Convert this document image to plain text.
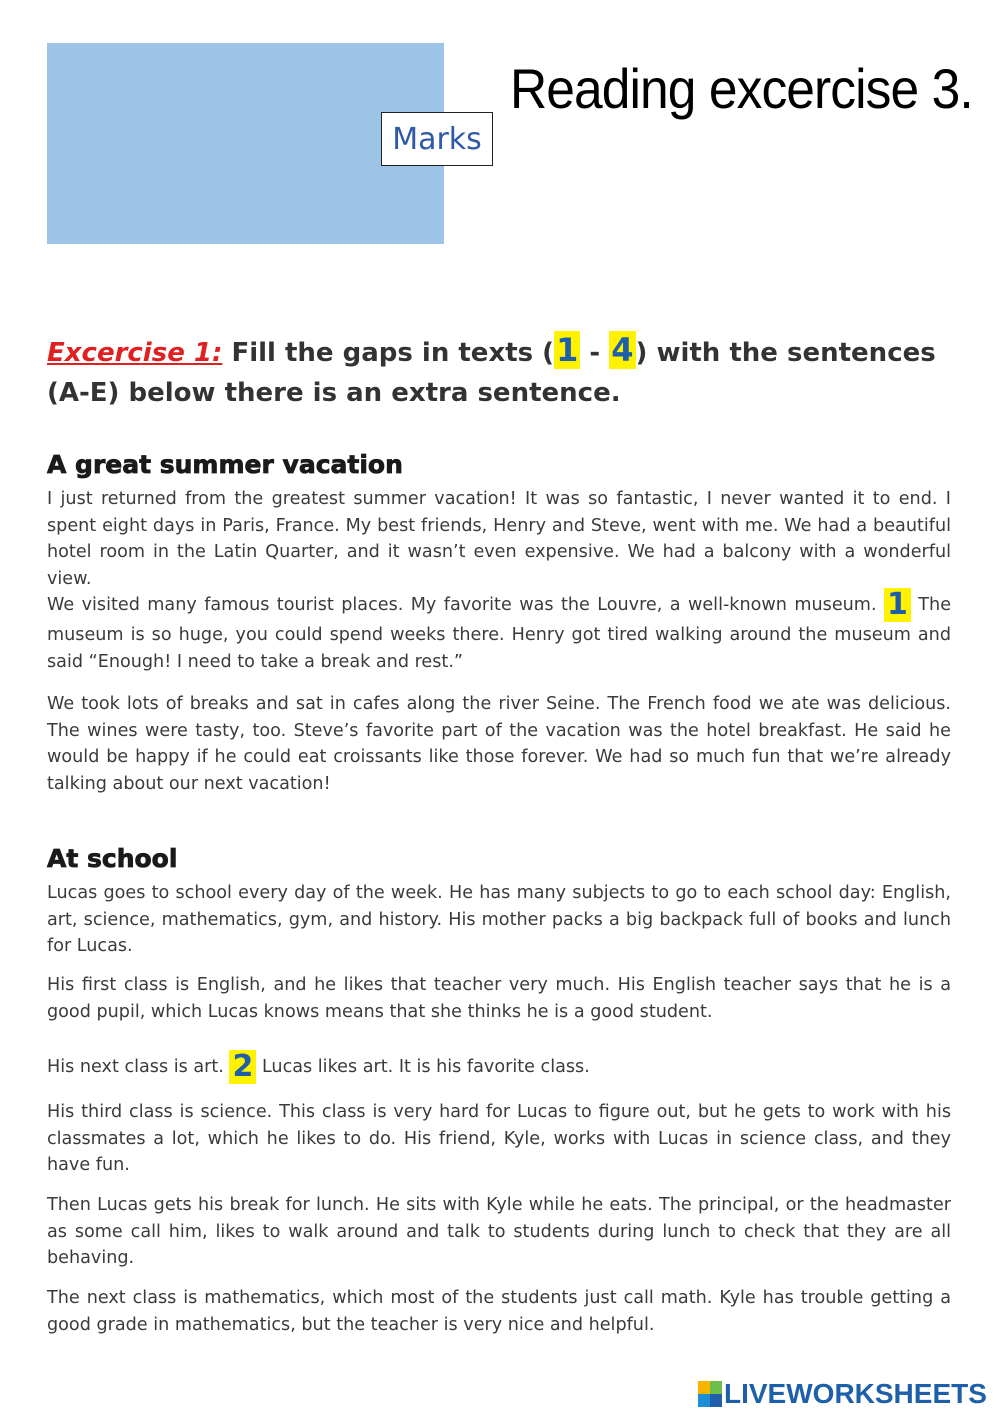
Marks
Reading excercise 3.

Excercise 1: Fill the gaps in texts (1 - 4) with the sentences (A-E) below there is an extra sentence.

A great summer vacation

I just returned from the greatest summer vacation! It was so fantastic, I never wanted it to end. I spent eight days in Paris, France. My best friends, Henry and Steve, went with me. We had a beautiful hotel room in the Latin Quarter, and it wasn’t even expensive. We had a balcony with a wonderful view.

We visited many famous tourist places. My favorite was the Louvre, a well-known museum. 1 The museum is so huge, you could spend weeks there. Henry got tired walking around the museum and said “Enough! I need to take a break and rest.”

We took lots of breaks and sat in cafes along the river Seine. The French food we ate was delicious. The wines were tasty, too. Steve’s favorite part of the vacation was the hotel breakfast. He said he would be happy if he could eat croissants like those forever. We had so much fun that we’re already talking about our next vacation!

At school

Lucas goes to school every day of the week. He has many subjects to go to each school day: English, art, science, mathematics, gym, and history. His mother packs a big backpack full of books and lunch for Lucas.

His first class is English, and he likes that teacher very much. His English teacher says that he is a good pupil, which Lucas knows means that she thinks he is a good student.

His next class is art. 2 Lucas likes art. It is his favorite class.

His third class is science. This class is very hard for Lucas to figure out, but he gets to work with his classmates a lot, which he likes to do. His friend, Kyle, works with Lucas in science class, and they have fun.

Then Lucas gets his break for lunch. He sits with Kyle while he eats. The principal, or the headmaster as some call him, likes to walk around and talk to students during lunch to check that they are all behaving.

The next class is mathematics, which most of the students just call math. Kyle has trouble getting a good grade in mathematics, but the teacher is very nice and helpful.

LIVEWORKSHEETS
